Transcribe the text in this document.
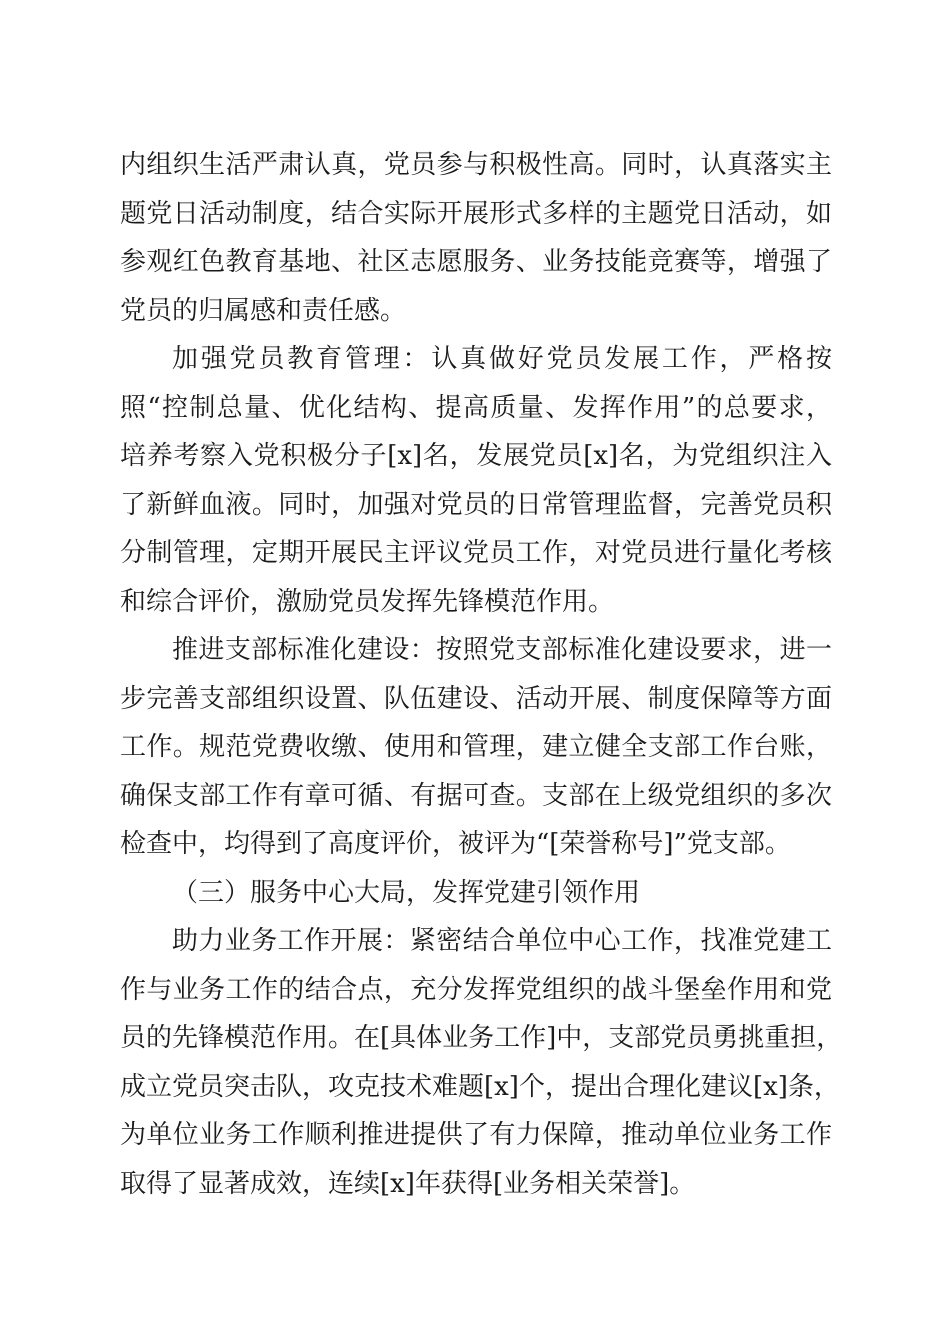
内组织生活严肃认真，党员参与积极性高。同时，认真落实主
题党日活动制度，结合实际开展形式多样的主题党日活动，如
参观红色教育基地、社区志愿服务、业务技能竞赛等，增强了
党员的归属感和责任感。
加强党员教育管理：认真做好党员发展工作，严格按
照“控制总量、优化结构、提高质量、发挥作用”的总要求，
培养考察入党积极分子[x]名，发展党员[x]名，为党组织注入
了新鲜血液。同时，加强对党员的日常管理监督，完善党员积
分制管理，定期开展民主评议党员工作，对党员进行量化考核
和综合评价，激励党员发挥先锋模范作用。
推进支部标准化建设：按照党支部标准化建设要求，进一
步完善支部组织设置、队伍建设、活动开展、制度保障等方面
工作。规范党费收缴、使用和管理，建立健全支部工作台账，
确保支部工作有章可循、有据可查。支部在上级党组织的多次
检查中，均得到了高度评价，被评为“[荣誉称号]”党支部。
（三）服务中心大局，发挥党建引领作用
助力业务工作开展：紧密结合单位中心工作，找准党建工
作与业务工作的结合点，充分发挥党组织的战斗堡垒作用和党
员的先锋模范作用。在[具体业务工作]中，支部党员勇挑重担，
成立党员突击队，攻克技术难题[x]个，提出合理化建议[x]条，
为单位业务工作顺利推进提供了有力保障，推动单位业务工作
取得了显著成效，连续[x]年获得[业务相关荣誉]。
